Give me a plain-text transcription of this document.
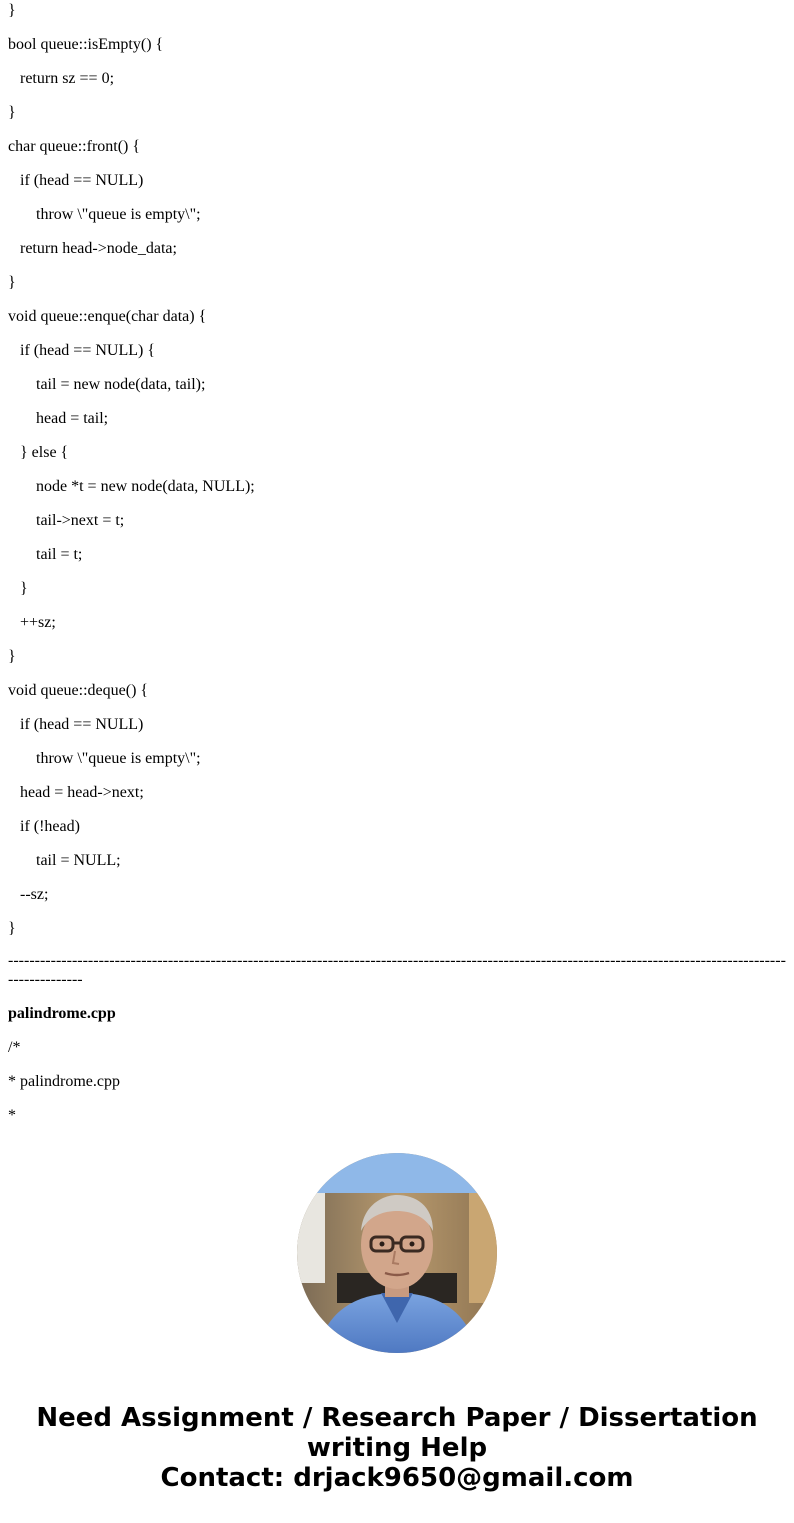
}
bool queue::isEmpty() {
return sz == 0;
}
char queue::front() {
if (head == NULL)
throw \"queue is empty\";
return head->node_data;
}
void queue::enque(char data) {
if (head == NULL) {
tail = new node(data, tail);
head = tail;
} else {
node *t = new node(data, NULL);
tail->next = t;
tail = t;
}
++sz;
}
void queue::deque() {
if (head == NULL)
throw \"queue is empty\";
head = head->next;
if (!head)
tail = NULL;
--sz;
}
----------------------------------------------------------------------------------------------------------------------------------------------------------------
palindrome.cpp
/*
* palindrome.cpp
*
Need Assignment / Research Paper / Dissertation writing Help
Contact: drjack9650@gmail.com
